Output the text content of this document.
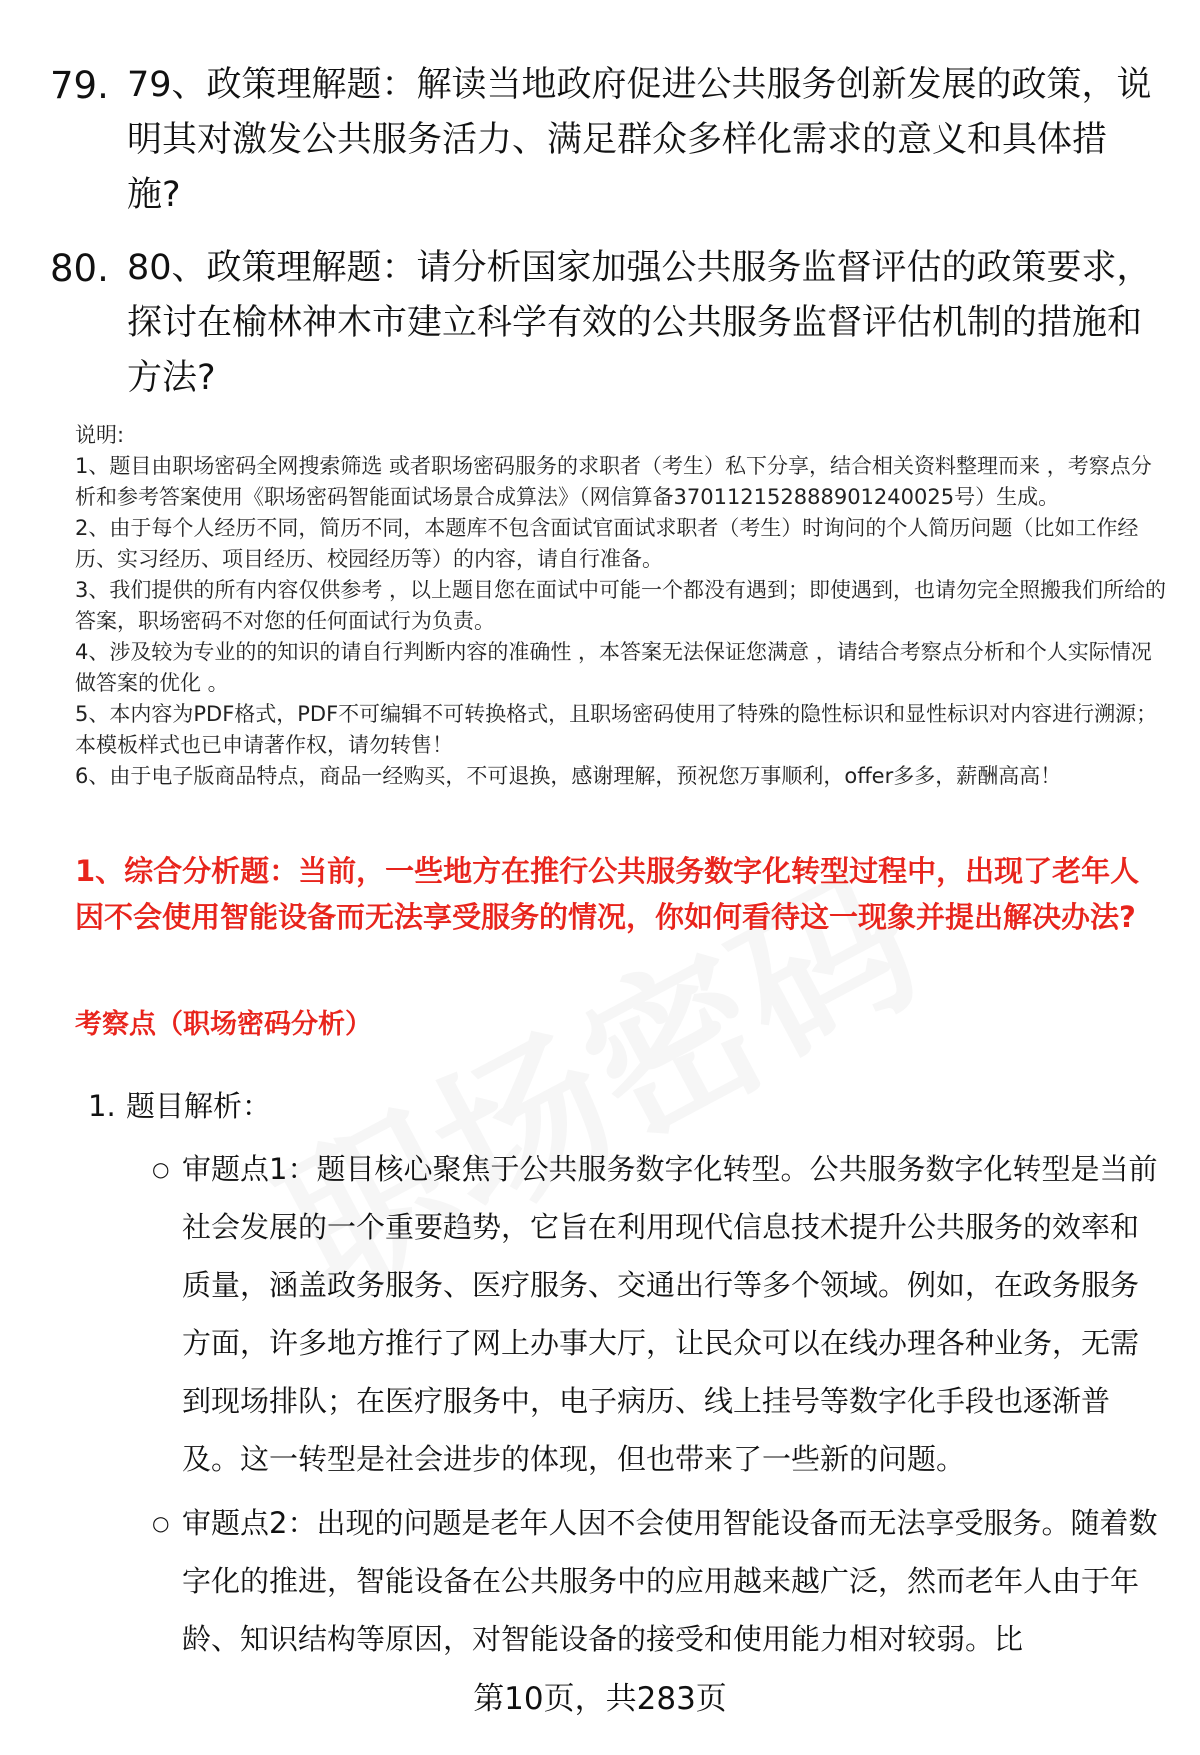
79. 79、政策理解题：解读当地政府促进公共服务创新发展的政策，说明其对激发公共服务活力、满足群众多样化需求的意义和具体措施?
80. 80、政策理解题：请分析国家加强公共服务监督评估的政策要求，探讨在榆林神木市建立科学有效的公共服务监督评估机制的措施和方法?

说明:

1、题目由职场密码全网搜索筛选 或者职场密码服务的求职者（考生）私下分享，结合相关资料整理而来 ，考察点分析和参考答案使用《职场密码智能面试场景合成算法》（网信算备370112152888901240025号）生成。

2、由于每个人经历不同，简历不同，本题库不包含面试官面试求职者（考生）时询问的个人简历问题（比如工作经历、实习经历、项目经历、校园经历等）的内容，请自行准备。

3、我们提供的所有内容仅供参考 ，以上题目您在面试中可能一个都没有遇到；即使遇到，也请勿完全照搬我们所给的答案，职场密码不对您的任何面试行为负责。

4、涉及较为专业的的知识的请自行判断内容的准确性 ，本答案无法保证您满意 ，请结合考察点分析和个人实际情况做答案的优化 。

5、本内容为PDF格式，PDF不可编辑不可转换格式，且职场密码使用了特殊的隐性标识和显性标识对内容进行溯源；本模板样式也已申请著作权，请勿转售！

6、由于电子版商品特点，商品一经购买，不可退换，感谢理解，预祝您万事顺利，offer多多，薪酬高高！

1、综合分析题：当前，一些地方在推行公共服务数字化转型过程中，出现了老年人因不会使用智能设备而无法享受服务的情况，你如何看待这一现象并提出解决办法?
考察点（职场密码分析）
1. 题目解析：
○ 审题点1：题目核心聚焦于公共服务数字化转型。公共服务数字化转型是当前社会发展的一个重要趋势，它旨在利用现代信息技术提升公共服务的效率和质量，涵盖政务服务、医疗服务、交通出行等多个领域。例如，在政务服务方面，许多地方推行了网上办事大厅，让民众可以在线办理各种业务，无需到现场排队；在医疗服务中，电子病历、线上挂号等数字化手段也逐渐普及。这一转型是社会进步的体现，但也带来了一些新的问题。
○ 审题点2：出现的问题是老年人因不会使用智能设备而无法享受服务。随着数字化的推进，智能设备在公共服务中的应用越来越广泛，然而老年人由于年龄、知识结构等原因，对智能设备的接受和使用能力相对较弱。比
第10页，共283页
